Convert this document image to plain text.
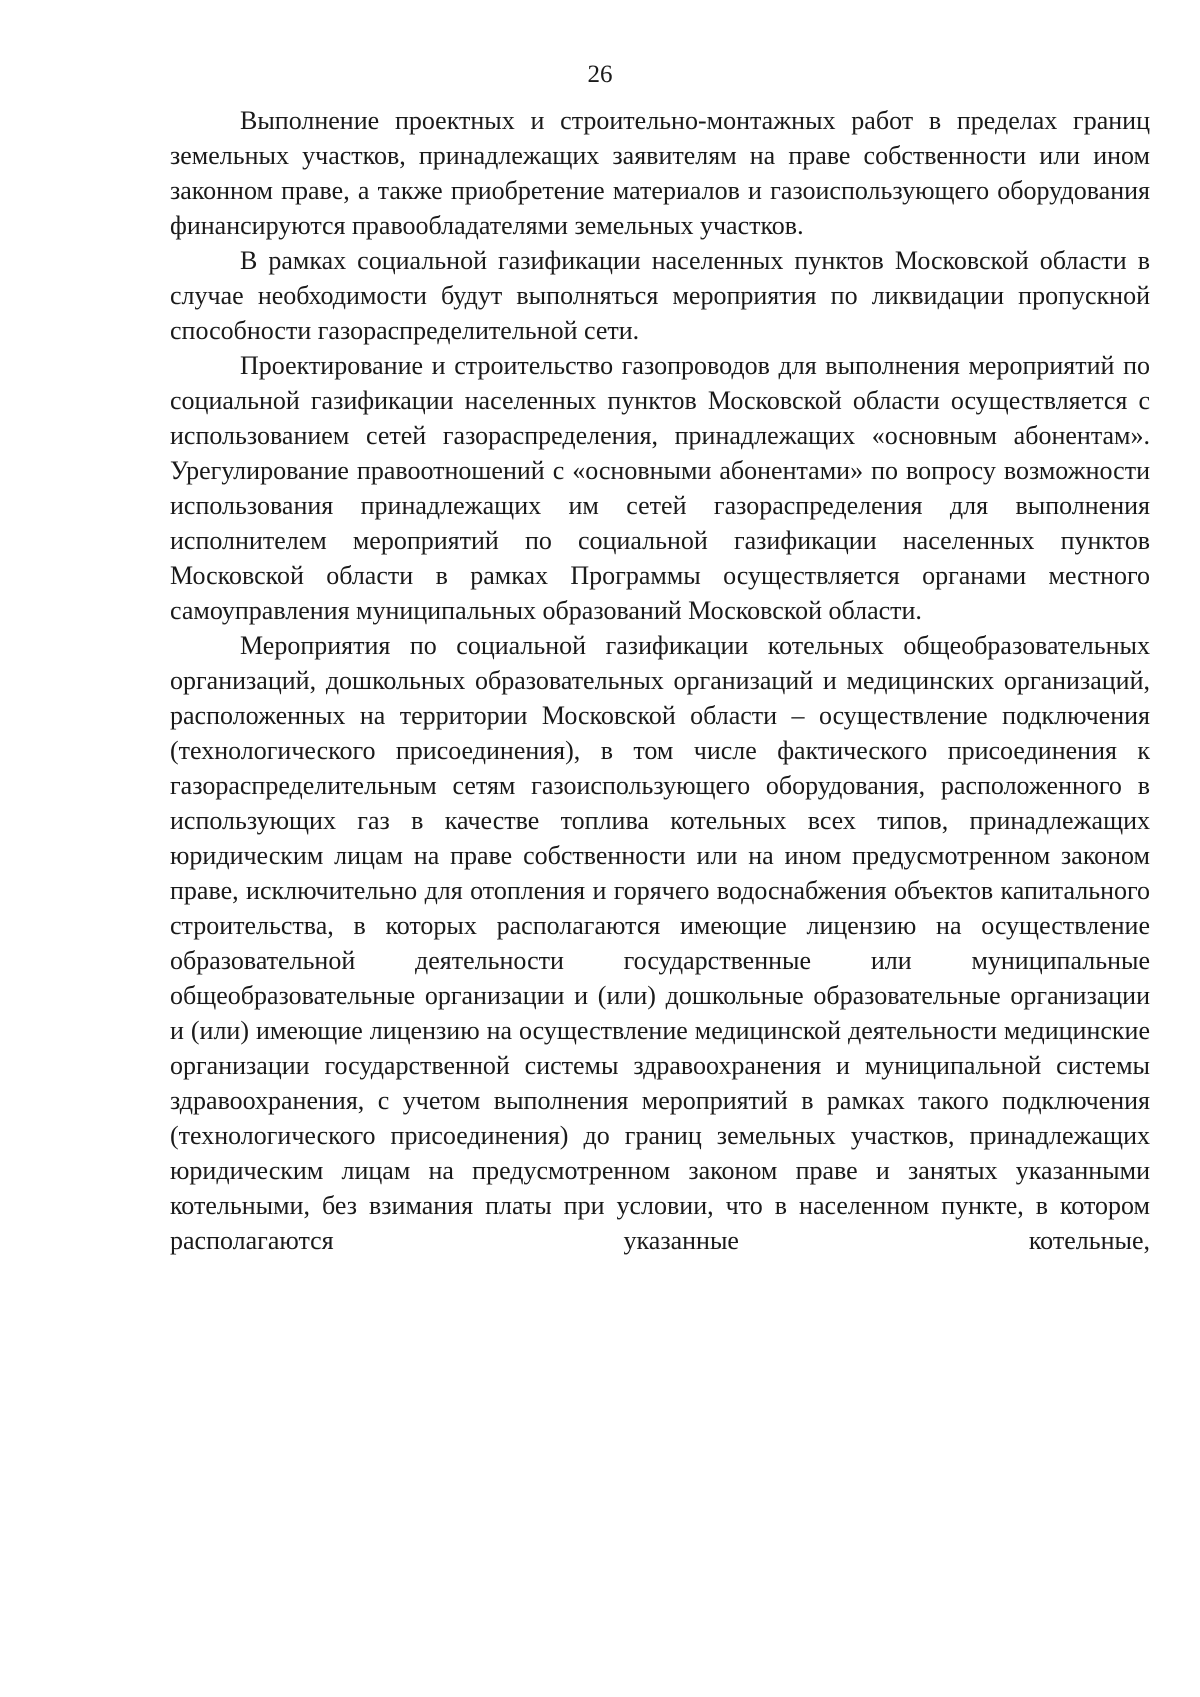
26

Выполнение проектных и строительно-монтажных работ в пределах границ земельных участков, принадлежащих заявителям на праве собственности или ином законном праве, а также приобретение материалов и газоиспользующего оборудования финансируются правообладателями земельных участков.

В рамках социальной газификации населенных пунктов Московской области в случае необходимости будут выполняться мероприятия по ликвидации пропускной способности газораспределительной сети.

Проектирование и строительство газопроводов для выполнения мероприятий по социальной газификации населенных пунктов Московской области осуществляется с использованием сетей газораспределения, принадлежащих «основным абонентам». Урегулирование правоотношений с «основными абонентами» по вопросу возможности использования принадлежащих им сетей газораспределения для выполнения исполнителем мероприятий по социальной газификации населенных пунктов Московской области в рамках Программы осуществляется органами местного самоуправления муниципальных образований Московской области.

Мероприятия по социальной газификации котельных общеобразовательных организаций, дошкольных образовательных организаций и медицинских организаций, расположенных на территории Московской области – осуществление подключения (технологического присоединения), в том числе фактического присоединения к газораспределительным сетям газоиспользующего оборудования, расположенного в использующих газ в качестве топлива котельных всех типов, принадлежащих юридическим лицам на праве собственности или на ином предусмотренном законом праве, исключительно для отопления и горячего водоснабжения объектов капитального строительства, в которых располагаются имеющие лицензию на осуществление образовательной деятельности государственные или муниципальные общеобразовательные организации и (или) дошкольные образовательные организации и (или) имеющие лицензию на осуществление медицинской деятельности медицинские организации государственной системы здравоохранения и муниципальной системы здравоохранения, с учетом выполнения мероприятий в рамках такого подключения (технологического присоединения) до границ земельных участков, принадлежащих юридическим лицам на предусмотренном законом праве и занятых указанными котельными, без взимания платы при условии, что в населенном пункте, в котором располагаются указанные котельные,
